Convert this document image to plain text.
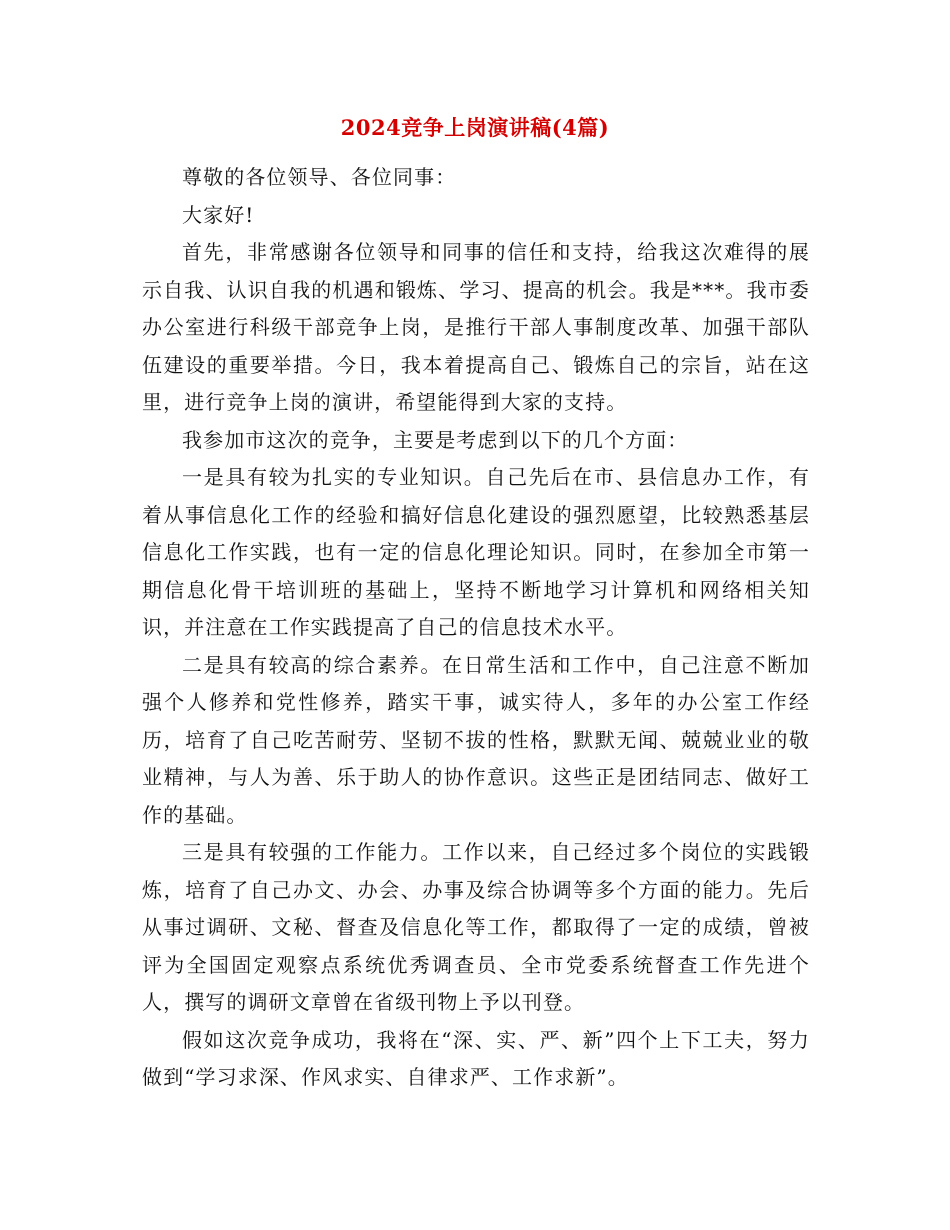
2024竞争上岗演讲稿(4篇)

尊敬的各位领导、各位同事：

大家好!

首先，非常感谢各位领导和同事的信任和支持，给我这次难得的展示自我、认识自我的机遇和锻炼、学习、提高的机会。我是***。我市委办公室进行科级干部竞争上岗，是推行干部人事制度改革、加强干部队伍建设的重要举措。今日，我本着提高自己、锻炼自己的宗旨，站在这里，进行竞争上岗的演讲，希望能得到大家的支持。

我参加市这次的竞争，主要是考虑到以下的几个方面：

一是具有较为扎实的专业知识。自己先后在市、县信息办工作，有着从事信息化工作的经验和搞好信息化建设的强烈愿望，比较熟悉基层信息化工作实践，也有一定的信息化理论知识。同时，在参加全市第一期信息化骨干培训班的基础上，坚持不断地学习计算机和网络相关知识，并注意在工作实践提高了自己的信息技术水平。

二是具有较高的综合素养。在日常生活和工作中，自己注意不断加强个人修养和党性修养，踏实干事，诚实待人，多年的办公室工作经历，培育了自己吃苦耐劳、坚韧不拔的性格，默默无闻、兢兢业业的敬业精神，与人为善、乐于助人的协作意识。这些正是团结同志、做好工作的基础。

三是具有较强的工作能力。工作以来，自己经过多个岗位的实践锻炼，培育了自己办文、办会、办事及综合协调等多个方面的能力。先后从事过调研、文秘、督查及信息化等工作，都取得了一定的成绩，曾被评为全国固定观察点系统优秀调查员、全市党委系统督查工作先进个人，撰写的调研文章曾在省级刊物上予以刊登。

假如这次竞争成功，我将在“深、实、严、新”四个上下工夫，努力做到“学习求深、作风求实、自律求严、工作求新”。
